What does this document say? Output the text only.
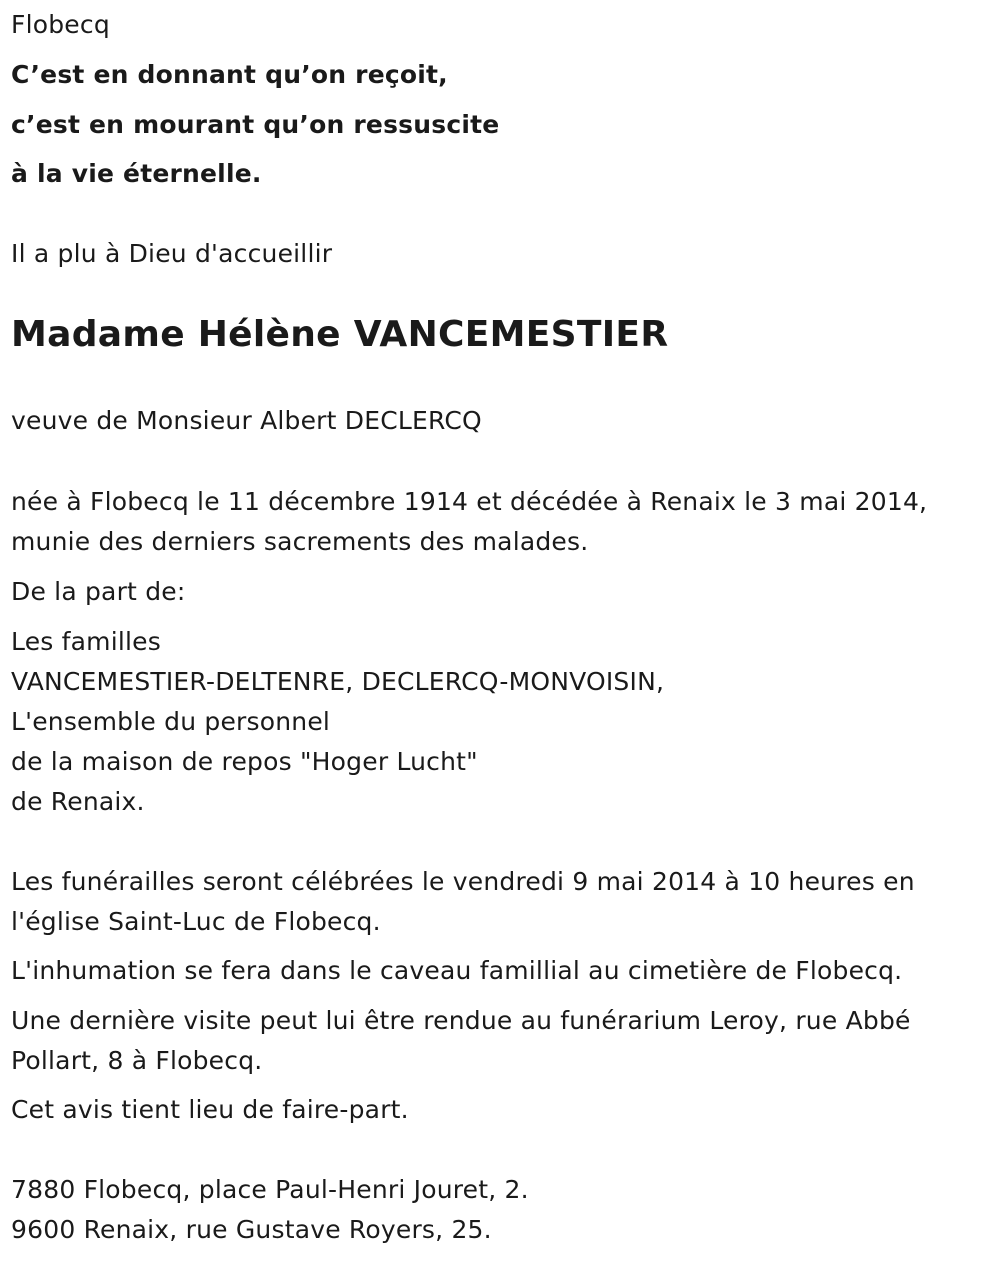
Flobecq
C’est en donnant qu’on reçoit,
c’est en mourant qu’on ressuscite
à la vie éternelle.
Il a plu à Dieu d'accueillir
Madame Hélène VANCEMESTIER
veuve de Monsieur Albert DECLERCQ
née à Flobecq le 11 décembre 1914 et décédée à Renaix le 3 mai 2014,
munie des derniers sacrements des malades.
De la part de:
Les familles
VANCEMESTIER-DELTENRE, DECLERCQ-MONVOISIN,
L'ensemble du personnel
de la maison de repos "Hoger Lucht"
de Renaix.
Les funérailles seront célébrées le vendredi 9 mai 2014 à 10 heures en
l'église Saint-Luc de Flobecq.
L'inhumation se fera dans le caveau famillial au cimetière de Flobecq.
Une dernière visite peut lui être rendue au funérarium Leroy, rue Abbé
Pollart, 8 à Flobecq.
Cet avis tient lieu de faire-part.
7880 Flobecq, place Paul-Henri Jouret, 2.
9600 Renaix, rue Gustave Royers, 25.
